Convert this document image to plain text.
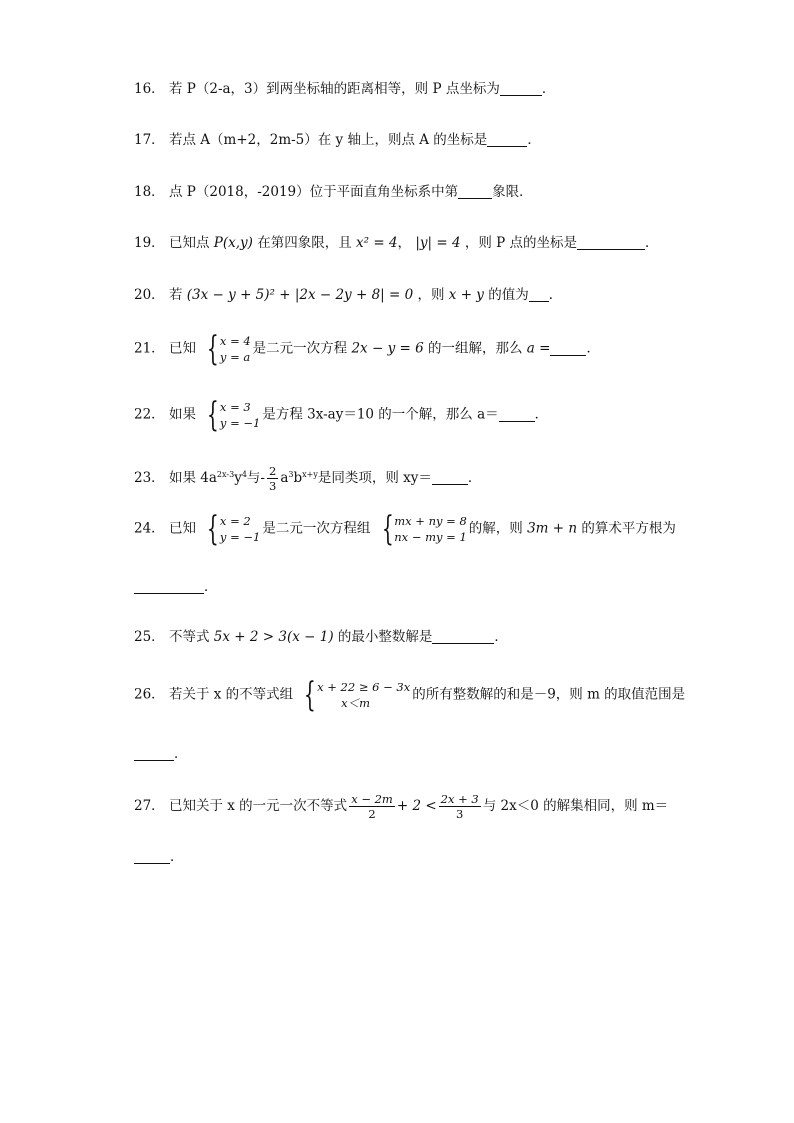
16． 若 P（2-a，3）到两坐标轴的距离相等，则 P 点坐标为	．
17． 若点 A（m+2，2m-5）在 y 轴上，则点 A 的坐标是	．
18． 点 P（2018，-2019）位于平面直角坐标系中第	象限．
19． 已知点 P(x,y) 在第四象限，且 x² = 4， |y| = 4 ，则 P 点的坐标是	．
20． 若 (3x − y + 5)² + |2x − 2y + 8| = 0 ，则 x + y 的值为 ．
21． 已知 { x = 4
y = a
是二元一次方程 2x − y = 6 的一组解，那么 a =	．
22． 如果 { x = 3
y = −1
是方程 3x-ay＝10 的一个解，那么 a＝	．
23． 如果 $4a^{2x-3}y^4$与- $\frac{2}{3} a^3b^{x+y}$是同类项，则 xy＝	．
24． 已知 { x = 2
y = −1
是二元一次方程组 { mx + ny = 8
nx − my = 1
的解，则 3m + n 的算术平方根为
．
25． 不等式 5x + 2 > 3(x − 1) 的最小整数解是	．
26． 若关于 x 的不等式组 { x + 22 ≥ 6 − 3x
x＜m
的所有整数解的和是－9，则 m 的取值范围是
．
27． 已知关于 x 的一元一次不等式 $\frac{x - 2m}{2} + 2 < \frac{2x + 3}{3}$ 与 2x＜0 的解集相同，则 m＝
．
